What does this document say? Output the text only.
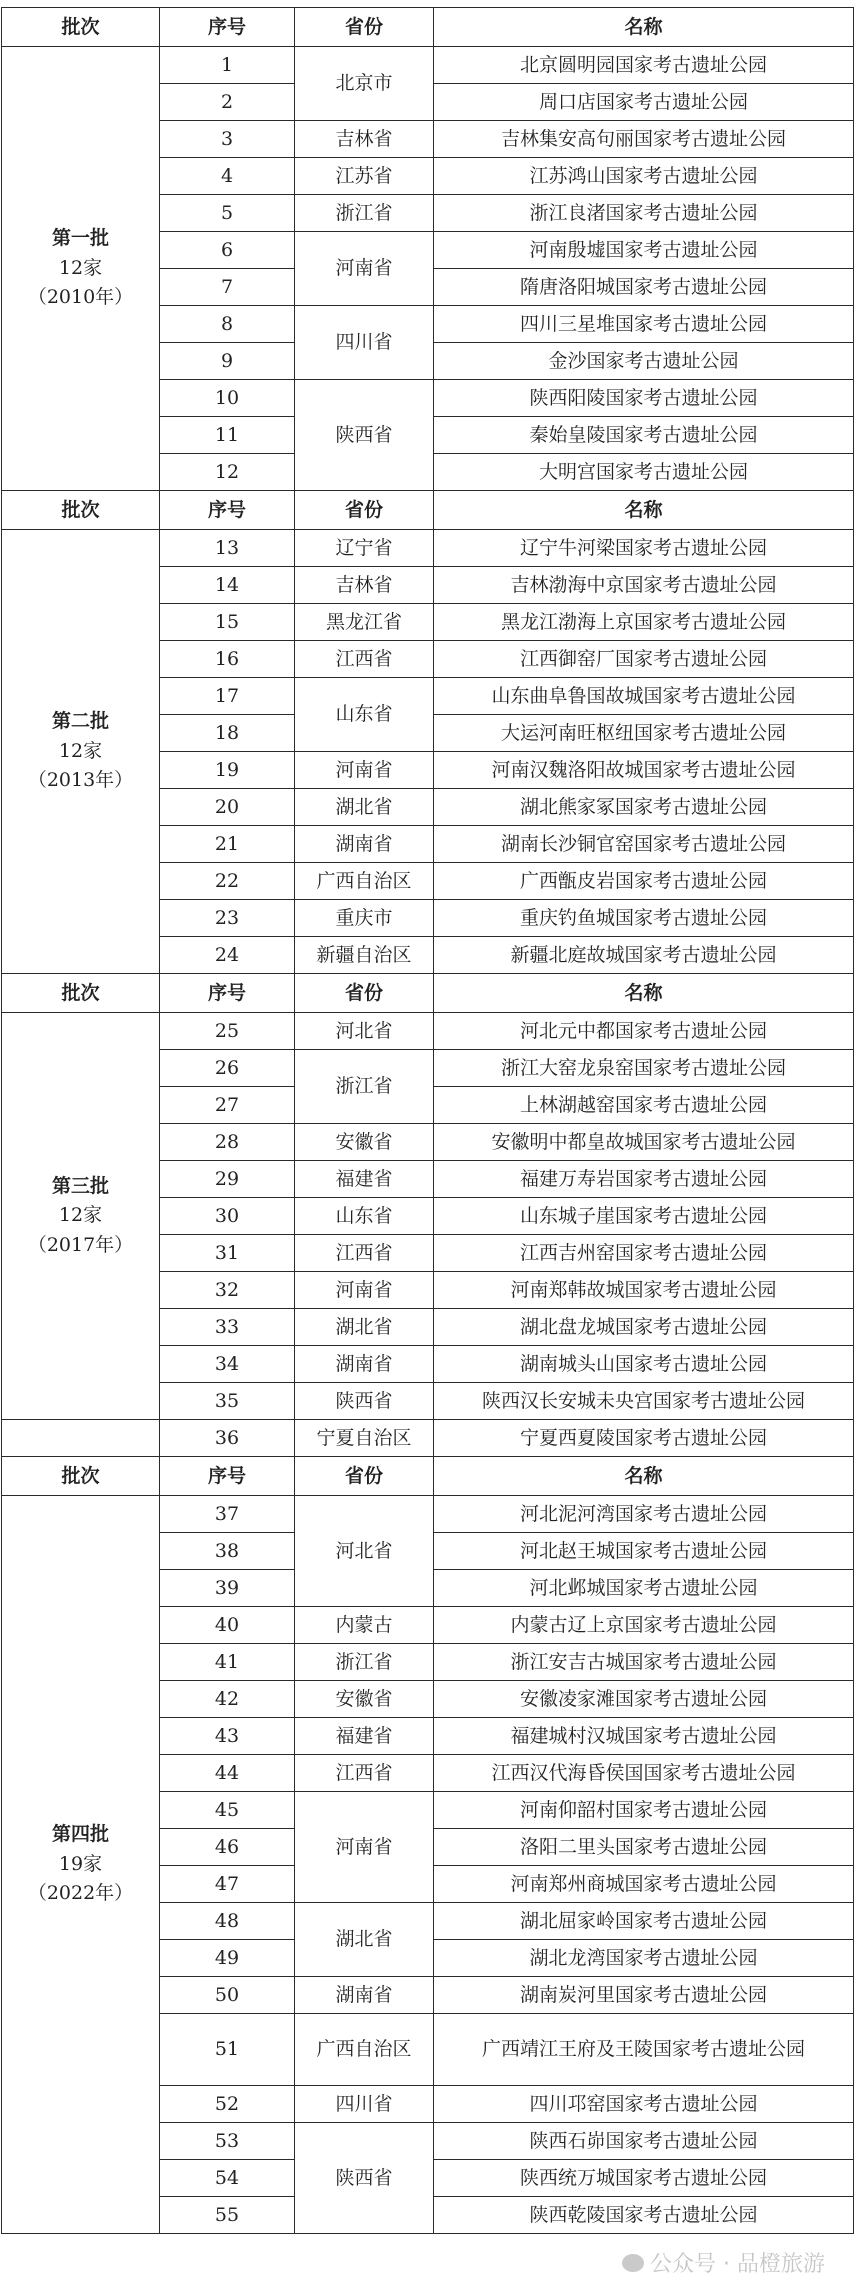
批次	序号	省份	名称

第一批
12家
（2010年）	1	北京市	北京圆明园国家考古遗址公园
	2		周口店国家考古遗址公园
	3	吉林省	吉林集安高句丽国家考古遗址公园
	4	江苏省	江苏鸿山国家考古遗址公园
	5	浙江省	浙江良渚国家考古遗址公园
	6	河南省	河南殷墟国家考古遗址公园
	7		隋唐洛阳城国家考古遗址公园
	8	四川省	四川三星堆国家考古遗址公园
	9		金沙国家考古遗址公园
	10	陕西省	陕西阳陵国家考古遗址公园
	11		秦始皇陵国家考古遗址公园
	12		大明宫国家考古遗址公园
批次	序号	省份	名称

第二批
12家
（2013年）	13	辽宁省	辽宁牛河梁国家考古遗址公园
	14	吉林省	吉林渤海中京国家考古遗址公园
	15	黑龙江省	黑龙江渤海上京国家考古遗址公园
	16	江西省	江西御窑厂国家考古遗址公园
	17	山东省	山东曲阜鲁国故城国家考古遗址公园
	18		大运河南旺枢纽国家考古遗址公园
	19	河南省	河南汉魏洛阳故城国家考古遗址公园
	20	湖北省	湖北熊家冢国家考古遗址公园
	21	湖南省	湖南长沙铜官窑国家考古遗址公园
	22	广西自治区	广西甑皮岩国家考古遗址公园
	23	重庆市	重庆钓鱼城国家考古遗址公园
	24	新疆自治区	新疆北庭故城国家考古遗址公园
批次	序号	省份	名称

第三批
12家
（2017年）	25	河北省	河北元中都国家考古遗址公园
	26	浙江省	浙江大窑龙泉窑国家考古遗址公园
	27		上林湖越窑国家考古遗址公园
	28	安徽省	安徽明中都皇故城国家考古遗址公园
	29	福建省	福建万寿岩国家考古遗址公园
	30	山东省	山东城子崖国家考古遗址公园
	31	江西省	江西吉州窑国家考古遗址公园
	32	河南省	河南郑韩故城国家考古遗址公园
	33	湖北省	湖北盘龙城国家考古遗址公园
	34	湖南省	湖南城头山国家考古遗址公园
	35	陕西省	陕西汉长安城未央宫国家考古遗址公园
	36	宁夏自治区	宁夏西夏陵国家考古遗址公园
批次	序号	省份	名称

第四批
19家
（2022年）	37	河北省	河北泥河湾国家考古遗址公园
	38		河北赵王城国家考古遗址公园
	39		河北邺城国家考古遗址公园
	40	内蒙古	内蒙古辽上京国家考古遗址公园
	41	浙江省	浙江安吉古城国家考古遗址公园
	42	安徽省	安徽凌家滩国家考古遗址公园
	43	福建省	福建城村汉城国家考古遗址公园
	44	江西省	江西汉代海昏侯国国家考古遗址公园
	45	河南省	河南仰韶村国家考古遗址公园
	46		洛阳二里头国家考古遗址公园
	47		河南郑州商城国家考古遗址公园
	48	湖北省	湖北屈家岭国家考古遗址公园
	49		湖北龙湾国家考古遗址公园
	50	湖南省	湖南炭河里国家考古遗址公园
	51	广西自治区	广西靖江王府及王陵国家考古遗址公园
	52	四川省	四川邛窑国家考古遗址公园
	53	陕西省	陕西石峁国家考古遗址公园
	54		陕西统万城国家考古遗址公园
	55		陕西乾陵国家考古遗址公园
公众号 · 品橙旅游
